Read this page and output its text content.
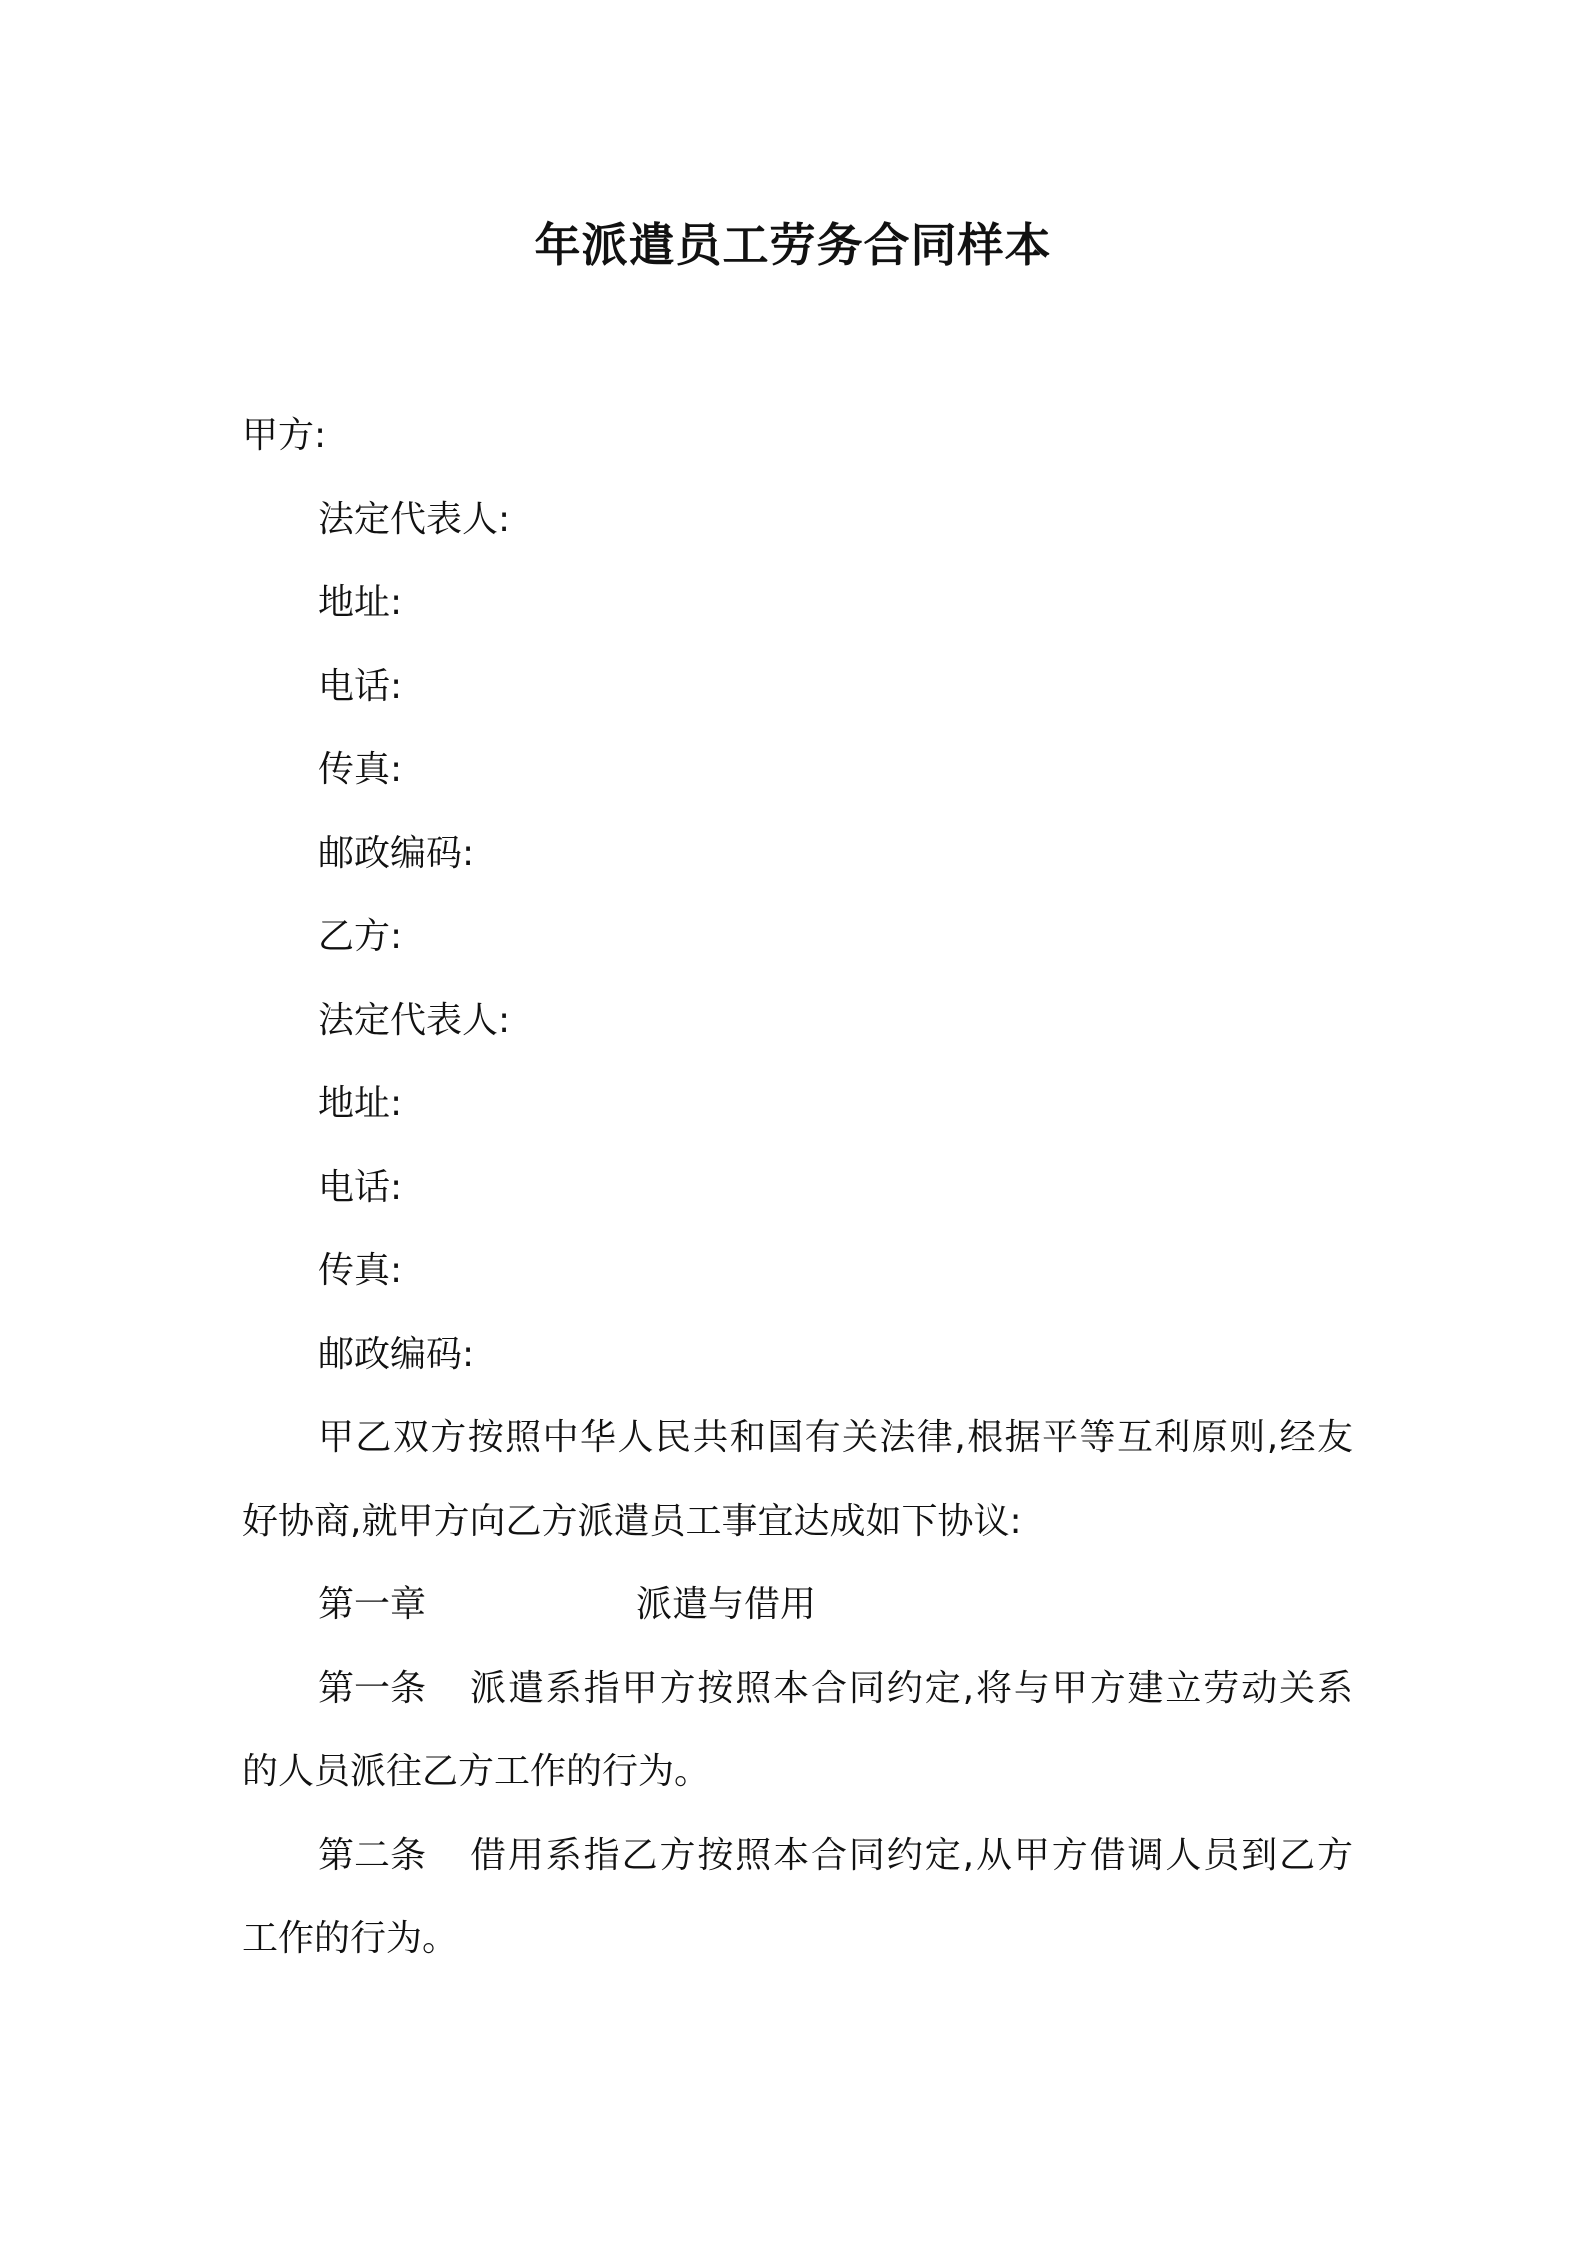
年派遣员工劳务合同样本
甲方:
法定代表人:
地址:
电话:
传真:
邮政编码:
乙方:
法定代表人:
地址:
电话:
传真:
邮政编码:
甲乙双方按照中华人民共和国有关法律,根据平等互利原则,经友
好协商,就甲方向乙方派遣员工事宜达成如下协议:
第一章	派遣与借用
第一条 派遣系指甲方按照本合同约定,将与甲方建立劳动关系
的人员派往乙方工作的行为。
第二条 借用系指乙方按照本合同约定,从甲方借调人员到乙方
工作的行为。
